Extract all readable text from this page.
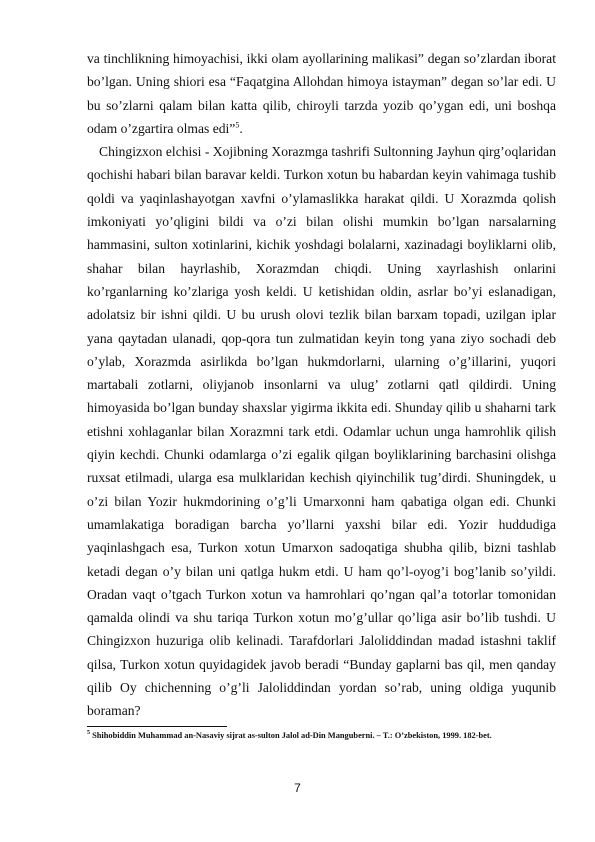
va tinchlikning himoyachisi, ikki olam ayollarining malikasi” degan so’zlardan iborat bo’lgan. Uning shiori esa “Faqatgina Allohdan himoya istayman” degan so’lar edi. U bu so’zlarni qalam bilan katta qilib, chiroyli tarzda yozib qo’ygan edi, uni boshqa odam o’zgartira olmas edi”$^5$.

Chingizxon elchisi - Xojibning Xorazmga tashrifi Sultonning Jayhun qirg’oqlaridan qochishi habari bilan baravar keldi. Turkon xotun bu habardan keyin vahimaga tushib qoldi va yaqinlashayotgan xavfni o’ylamaslikka harakat qildi. U Xorazmda qolish imkoniyati yo’qligini bildi va o’zi bilan olishi mumkin bo’lgan narsalarning hammasini, sulton xotinlarini, kichik yoshdagi bolalarni, xazinadagi boyliklarni olib, shahar bilan hayrlashib, Xorazmdan chiqdi. Uning xayrlashish onlarini ko’rganlarning ko’zlariga yosh keldi. U ketishidan oldin, asrlar bo’yi eslanadigan, adolatsiz bir ishni qildi. U bu urush olovi tezlik bilan barxam topadi, uzilgan iplar yana qaytadan ulanadi, qop-qora tun zulmatidan keyin tong yana ziyo sochadi deb o’ylab, Xorazmda asirlikda bo’lgan hukmdorlarni, ularning o’g’illarini, yuqori martabali zotlarni, oliyjanob insonlarni va ulug’ zotlarni qatl qildirdi. Uning himoyasida bo’lgan bunday shaxslar yigirma ikkita edi. Shunday qilib u shaharni tark etishni xohlaganlar bilan Xorazmni tark etdi. Odamlar uchun unga hamrohlik qilish qiyin kechdi. Chunki odamlarga o’zi egalik qilgan boyliklarining barchasini olishga ruxsat etilmadi, ularga esa mulklaridan kechish qiyinchilik tug’dirdi. Shuningdek, u o’zi bilan Yozir hukmdorining o’g’li Umarxonni ham qabatiga olgan edi. Chunki umamlakatiga boradigan barcha yo’llarni yaxshi bilar edi. Yozir huddudiga yaqinlashgach esa, Turkon xotun Umarxon sadoqatiga shubha qilib, bizni tashlab ketadi degan o’y bilan uni qatlga hukm etdi. U ham qo’l-oyog’i bog’lanib so’yildi. Oradan vaqt o’tgach Turkon xotun va hamrohlari qo’ngan qal’a totorlar tomonidan qamalda olindi va shu tariqa Turkon xotun mo’g’ullar qo’liga asir bo’lib tushdi. U Chingizxon huzuriga olib kelinadi. Tarafdorlari Jaloliddindan madad istashni taklif qilsa, Turkon xotun quyidagidek javob beradi “Bunday gaplarni bas qil, men qanday qilib Oy chichenning o’g’li Jaloliddindan yordan so’rab, uning oldiga yuqunib boraman?

$^5$ Shihobiddin Muhammad an-Nasaviy sijrat as-sulton Jalol ad-Din Manguberni. – T.: O’zbekiston, 1999. 182-bet.

7
